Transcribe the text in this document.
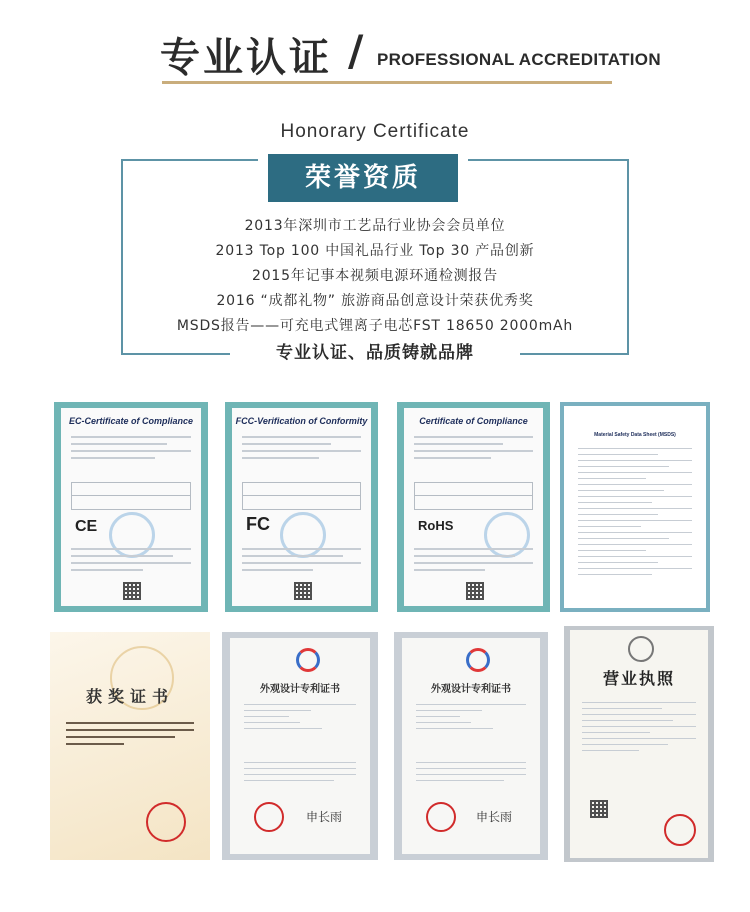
专业认证 / PROFESSIONAL ACCREDITATION
Honorary Certificate
荣誉资质
2013年深圳市工艺品行业协会会员单位
2013 Top 100 中国礼品行业 Top 30 产品创新
2015年记事本视频电源环通检测报告
2016 “成都礼物” 旅游商品创意设计荣获优秀奖
MSDS报告——可充电式锂离子电芯FST 18650 2000mAh
专业认证、品质铸就品牌
EC-Certificate of Compliance
CE
FCC-Verification of Conformity
FC
Certificate of Compliance
RoHS
Material Safety Data Sheet (MSDS)
获奖证书	外观设计专利证书
申长雨
外观设计专利证书
申长雨
营业执照
